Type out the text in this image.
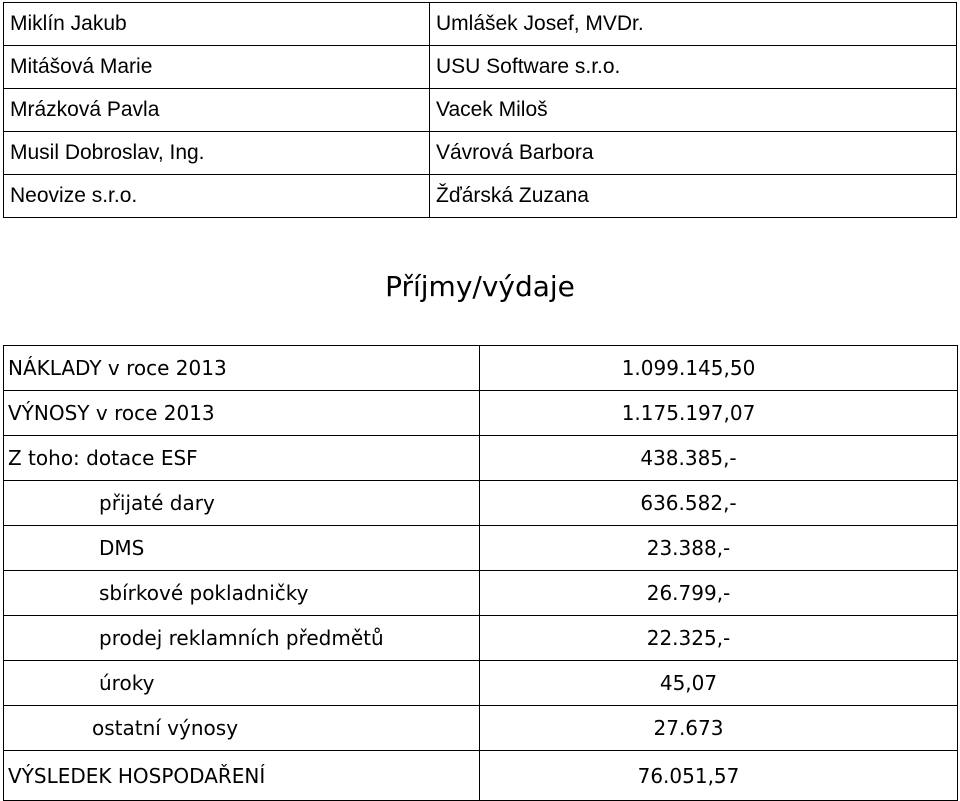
Miklín Jakub	Umlášek Josef, MVDr.
Mitášová Marie	USU Software s.r.o.
Mrázková Pavla	Vacek Miloš
Musil Dobroslav, Ing.	Vávrová Barbora
Neovize s.r.o.	Žďárská Zuzana
Příjmy/výdaje
NÁKLADY v roce 2013	1.099.145,50
VÝNOSY v roce 2013	1.175.197,07
Z toho: dotace ESF	438.385,-
přijaté dary	636.582,-
DMS	23.388,-
sbírkové pokladničky	26.799,-
prodej reklamních předmětů	22.325,-
úroky	45,07
ostatní výnosy	27.673
VÝSLEDEK HOSPODAŘENÍ	76.051,57
